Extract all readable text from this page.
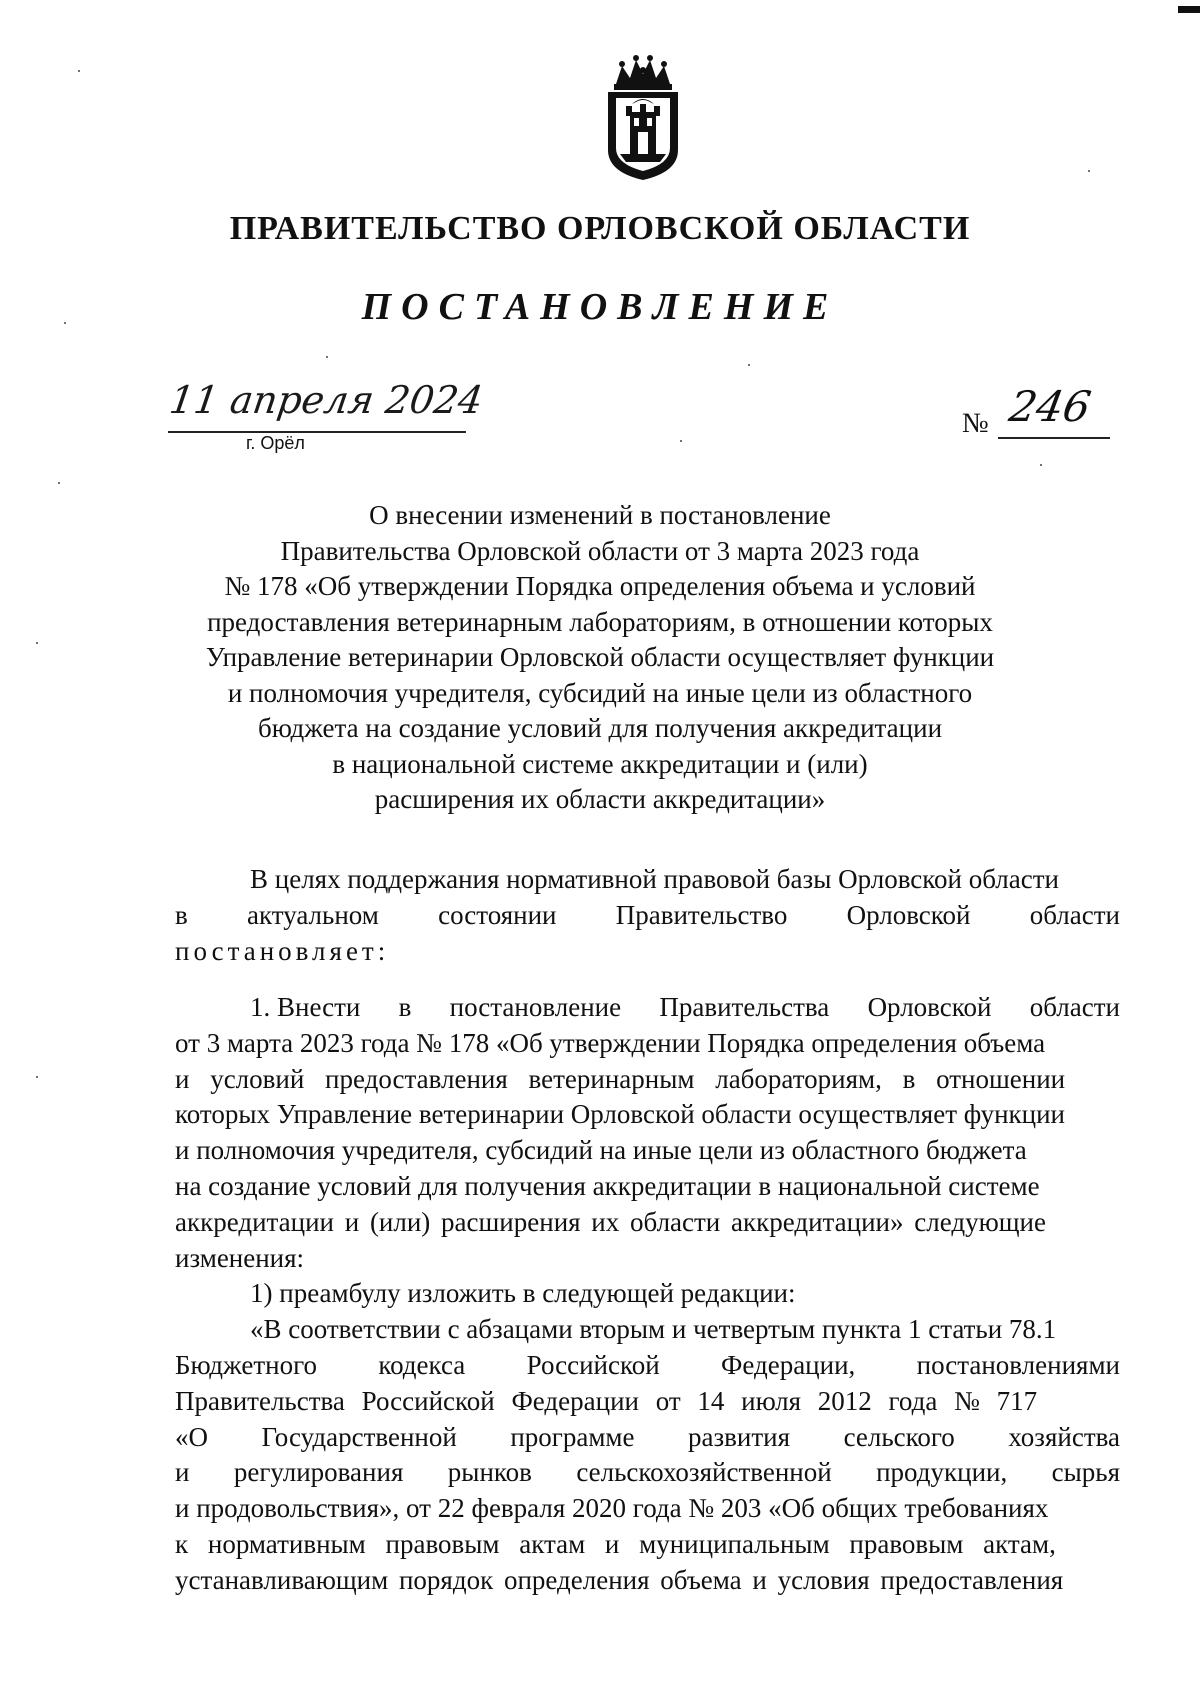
ПРАВИТЕЛЬСТВО ОРЛОВСКОЙ ОБЛАСТИ
ПОСТАНОВЛЕНИЕ
11 апреля 2024
г. Орёл
№ 246
О внесении изменений в постановление
Правительства Орловской области от 3 марта 2023 года
№ 178 «Об утверждении Порядка определения объема и условий
предоставления ветеринарным лабораториям, в отношении которых
Управление ветеринарии Орловской области осуществляет функции
и полномочия учредителя, субсидий на иные цели из областного
бюджета на создание условий для получения аккредитации
в национальной системе аккредитации и (или)
расширения их области аккредитации»
В целях поддержания нормативной правовой базы Орловской области
в актуальном состоянии Правительство Орловской области
постановляет:
1. Внести в постановление Правительства Орловской области
от 3 марта 2023 года № 178 «Об утверждении Порядка определения объема
и условий предоставления ветеринарным лабораториям, в отношении
которых Управление ветеринарии Орловской области осуществляет функции
и полномочия учредителя, субсидий на иные цели из областного бюджета
на создание условий для получения аккредитации в национальной системе
аккредитации и (или) расширения их области аккредитации» следующие
изменения:
1) преамбулу изложить в следующей редакции:
«В соответствии с абзацами вторым и четвертым пункта 1 статьи 78.1
Бюджетного кодекса Российской Федерации, постановлениями
Правительства Российской Федерации от 14 июля 2012 года № 717
«О Государственной программе развития сельского хозяйства
и регулирования рынков сельскохозяйственной продукции, сырья
и продовольствия», от 22 февраля 2020 года № 203 «Об общих требованиях
к нормативным правовым актам и муниципальным правовым актам,
устанавливающим порядок определения объема и условия предоставления
